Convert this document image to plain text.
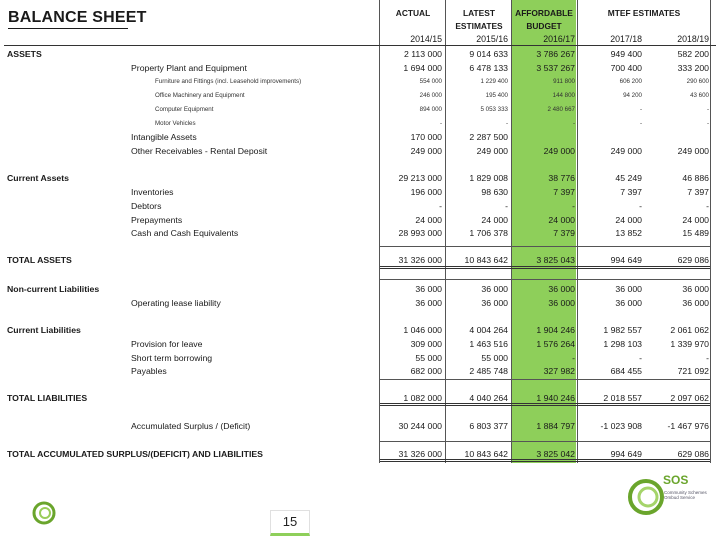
BALANCE SHEET	ACTUAL	LATEST
ESTIMATES
AFFORDABLE
BUDGET
MTEF ESTIMATES
2014/15	2015/16	2016/17	2017/18	2018/19
ASSETS	2 113 000	9 014 633	3 786 267	949 400	582 200
Property Plant and Equipment	1 694 000	6 478 133	3 537 267	700 400	333 200
Furniture and Fittings (incl. Leasehold improvements)	554 000	1 229 400	911 800	606 200	290 600
Office Machinery and Equipment	246 000	195 400	144 800	94 200	43 600
Computer Equipment	894 000	5 053 333	2 480 667	-	-
Motor Vehicles	-	-	-	-	-
Intangible Assets	170 000	2 287 500
Other Receivables - Rental Deposit	249 000	249 000	249 000	249 000	249 000
Current Assets	29 213 000	1 829 008	38 776	45 249	46 886
Inventories	196 000	98 630	7 397	7 397	7 397
Debtors	-	-	-	-	-
Prepayments	24 000	24 000	24 000	24 000	24 000
Cash and Cash Equivalents	28 993 000	1 706 378	7 379	13 852	15 489
TOTAL ASSETS	31 326 000	10 843 642	3 825 043	994 649	629 086
Non-current Liabilities	36 000	36 000	36 000	36 000	36 000
Operating lease liability	36 000	36 000	36 000	36 000	36 000
Current Liabilities	1 046 000	4 004 264	1 904 246	1 982 557	2 061 062
Provision for leave	309 000	1 463 516	1 576 264	1 298 103	1 339 970
Short term borrowing	55 000	55 000	-	-	-
Payables	682 000	2 485 748	327 982	684 455	721 092
TOTAL LIABILITIES	1 082 000	4 040 264	1 940 246	2 018 557	2 097 062
Accumulated Surplus / (Deficit)	30 244 000	6 803 377	1 884 797	-1 023 908	-1 467 976
TOTAL ACCUMULATED SURPLUS/(DEFICIT) AND LIABILITIES	31 326 000	10 843 642	3 825 042	994 649	629 086
15
SOS
Community Schemes Ombud Service
